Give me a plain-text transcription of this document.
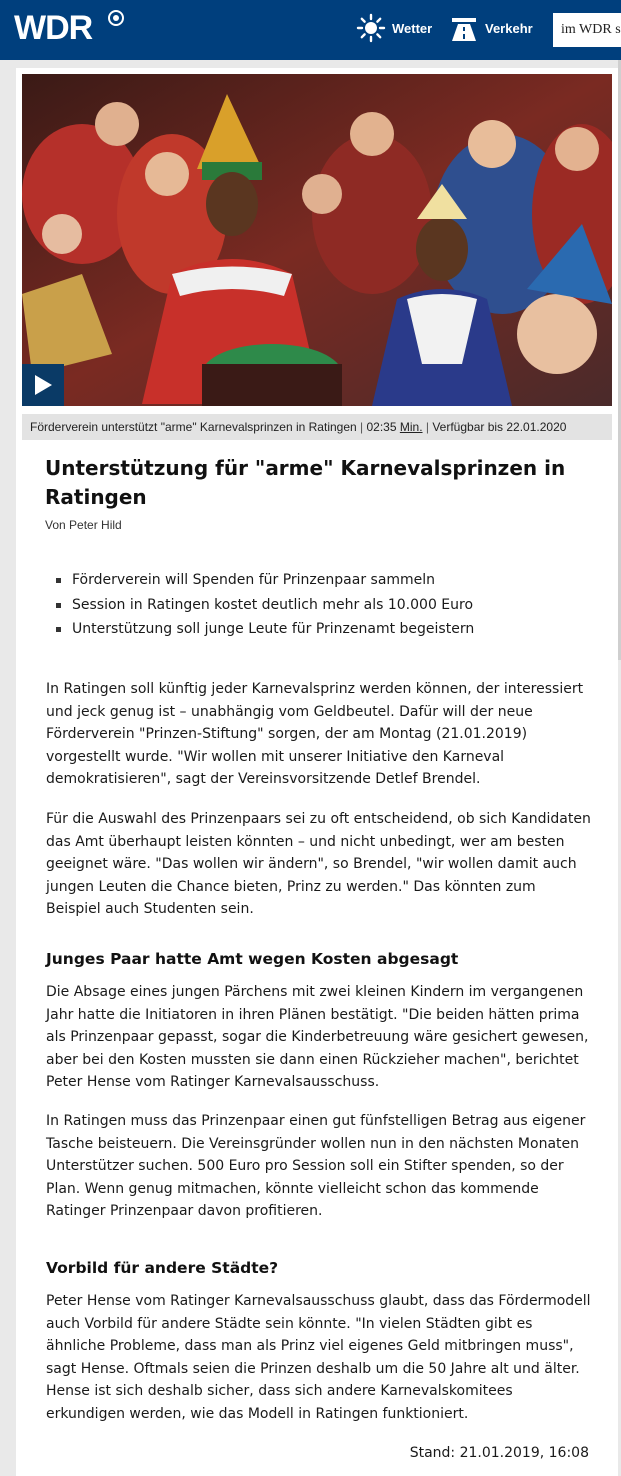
WDR	Wetter	Verkehr	im WDR s
Förderverein unterstützt "arme" Karnevalsprinzen in Ratingen | 02:35 Min. | Verfügbar bis 22.01.2020
Unterstützung für "arme" Karnevalsprinzen in Ratingen
Von Peter Hild
Förderverein will Spenden für Prinzenpaar sammeln
Session in Ratingen kostet deutlich mehr als 10.000 Euro
Unterstützung soll junge Leute für Prinzenamt begeistern

In Ratingen soll künftig jeder Karnevalsprinz werden können, der interessiert und jeck genug ist – unabhängig vom Geldbeutel. Dafür will der neue Förderverein "Prinzen-Stiftung" sorgen, der am Montag (21.01.2019) vorgestellt wurde. "Wir wollen mit unserer Initiative den Karneval demokratisieren", sagt der Vereinsvorsitzende Detlef Brendel.

Für die Auswahl des Prinzenpaars sei zu oft entscheidend, ob sich Kandidaten das Amt überhaupt leisten könnten – und nicht unbedingt, wer am besten geeignet wäre. "Das wollen wir ändern", so Brendel, "wir wollen damit auch jungen Leuten die Chance bieten, Prinz zu werden." Das könnten zum Beispiel auch Studenten sein.

Junges Paar hatte Amt wegen Kosten abgesagt

Die Absage eines jungen Pärchens mit zwei kleinen Kindern im vergangenen Jahr hatte die Initiatoren in ihren Plänen bestätigt. "Die beiden hätten prima als Prinzenpaar gepasst, sogar die Kinderbetreuung wäre gesichert gewesen, aber bei den Kosten mussten sie dann einen Rückzieher machen", berichtet Peter Hense vom Ratinger Karnevalsausschuss.

In Ratingen muss das Prinzenpaar einen gut fünfstelligen Betrag aus eigener Tasche beisteuern. Die Vereinsgründer wollen nun in den nächsten Monaten Unterstützer suchen. 500 Euro pro Session soll ein Stifter spenden, so der Plan. Wenn genug mitmachen, könnte vielleicht schon das kommende Ratinger Prinzenpaar davon profitieren.

Vorbild für andere Städte?

Peter Hense vom Ratinger Karnevalsausschuss glaubt, dass das Fördermodell auch Vorbild für andere Städte sein könnte. "In vielen Städten gibt es ähnliche Probleme, dass man als Prinz viel eigenes Geld mitbringen muss", sagt Hense. Oftmals seien die Prinzen deshalb um die 50 Jahre alt und älter. Hense ist sich deshalb sicher, dass sich andere Karnevalskomitees erkundigen werden, wie das Modell in Ratingen funktioniert.

Stand: 21.01.2019, 16:08
